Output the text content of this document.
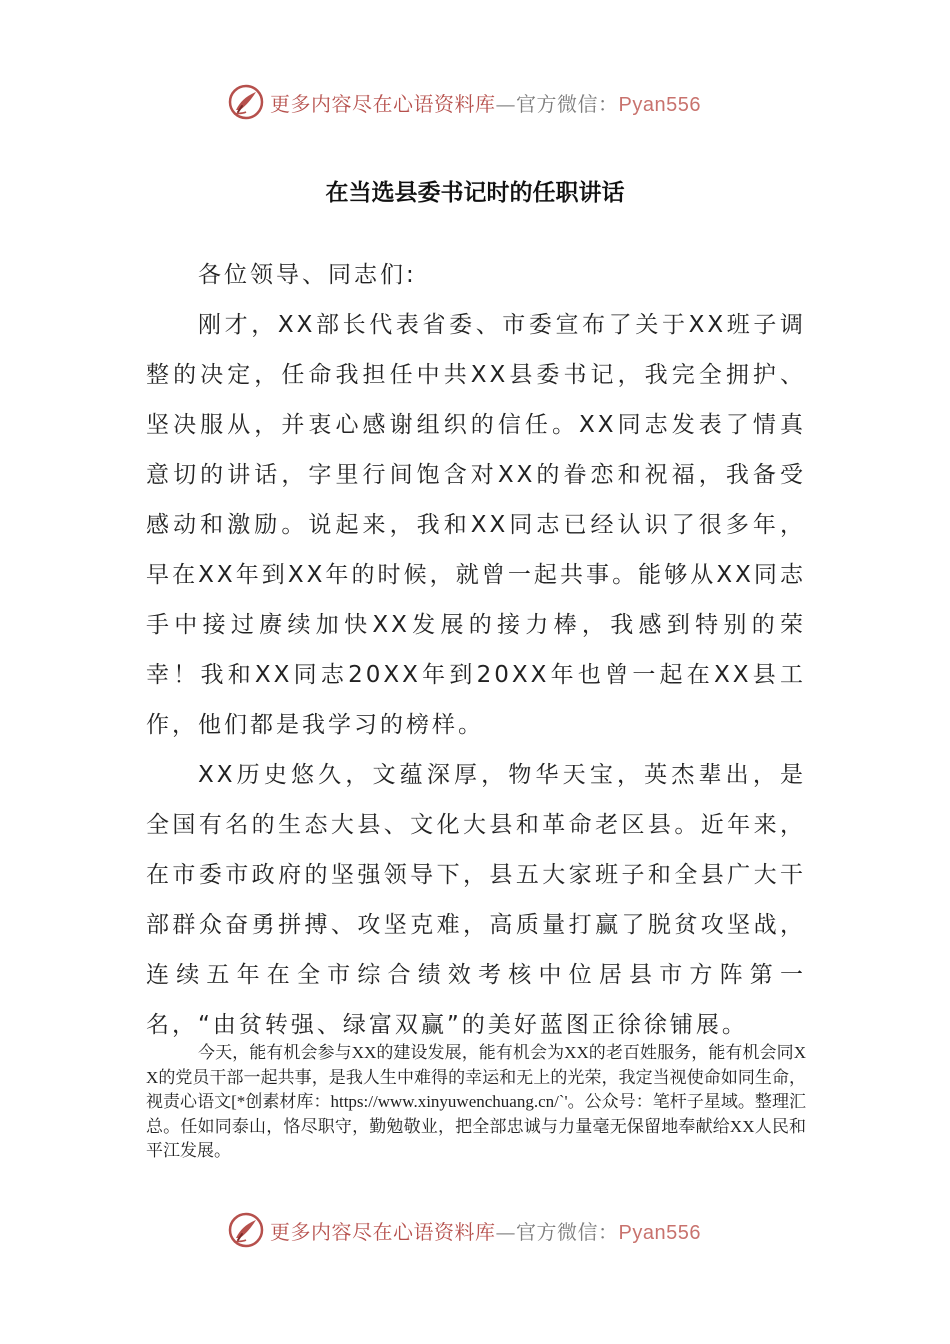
更多内容尽在心语资料库—官方微信：Pyan556
在当选县委书记时的任职讲话

各位领导、同志们:

刚才，XX部长代表省委、市委宣布了关于XX班子调整的决定，任命我担任中共XX县委书记，我完全拥护、坚决服从，并衷心感谢组织的信任。XX同志发表了情真意切的讲话，字里行间饱含对XX的眷恋和祝福，我备受感动和激励。说起来，我和XX同志已经认识了很多年，早在XX年到XX年的时候，就曾一起共事。能够从XX同志手中接过赓续加快XX发展的接力棒，我感到特别的荣幸！我和XX同志20XX年到20XX年也曾一起在XX县工作，他们都是我学习的榜样。

XX历史悠久，文蕴深厚，物华天宝，英杰辈出，是全国有名的生态大县、文化大县和革命老区县。近年来，在市委市政府的坚强领导下，县五大家班子和全县广大干部群众奋勇拼搏、攻坚克难，高质量打赢了脱贫攻坚战，连续五年在全市综合绩效考核中位居县市方阵第一名，“由贫转强、绿富双赢”的美好蓝图正徐徐铺展。

今天，能有机会参与XX的建设发展，能有机会为XX的老百姓服务，能有机会同XX的党员干部一起共事，是我人生中难得的幸运和无上的光荣，我定当视使命如同生命，视责心语文[*创素材库：https://www.xinyuwenchuang.cn/`'。公众号：笔杆子星域。整理汇总。任如同泰山，恪尽职守，勤勉敬业，把全部忠诚与力量毫无保留地奉献给XX人民和平江发展。

更多内容尽在心语资料库—官方微信：Pyan556
